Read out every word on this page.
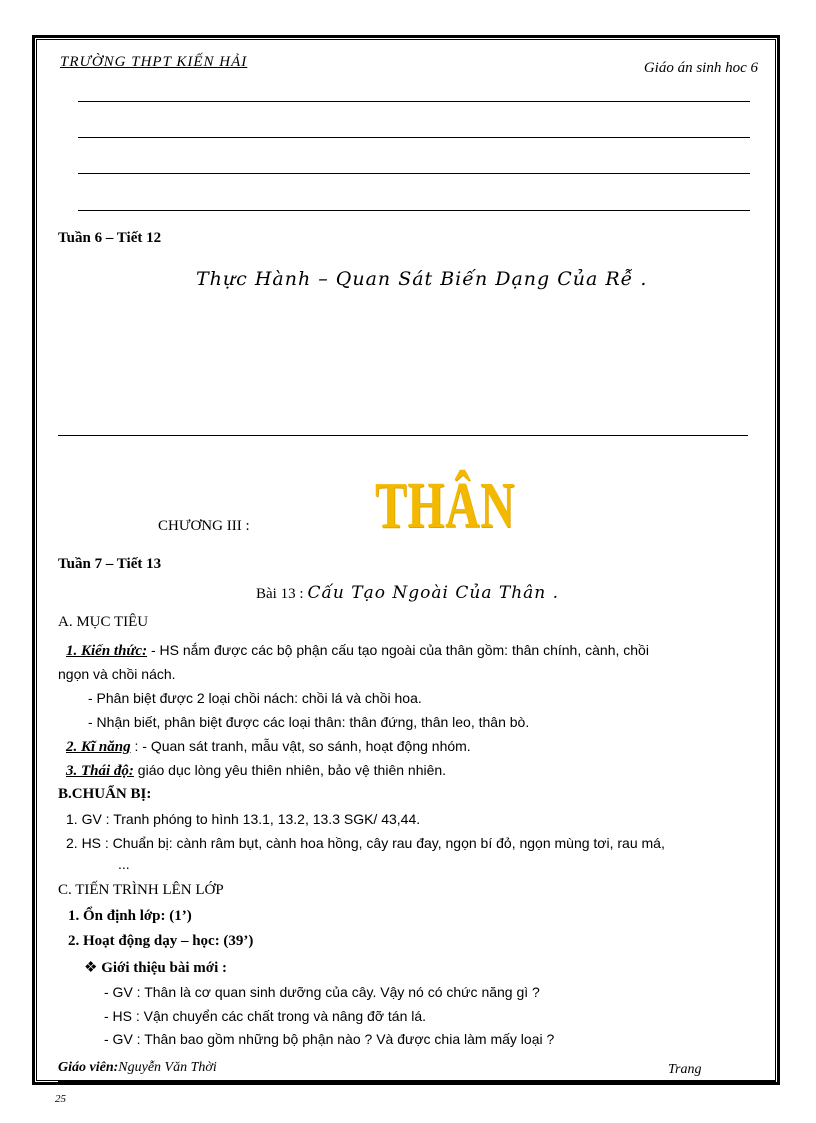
TRƯỜNG THPT KIẾN HẢI	Giáo án sinh hoc 6
Tuần 6 – Tiết 12
Thực Hành – Quan Sát Biến Dạng Của Rễ .
CHƯƠNG III : THÂN
Tuần 7 – Tiết 13
Bài 13 : Cấu Tạo Ngoài Của Thân .
A. MỤC TIÊU
1. Kiến thức: - HS nắm được các bộ phận cấu tạo ngoài của thân gồm: thân chính, cành, chồi
ngọn và chồi nách.
- Phân biệt được 2 loại chồi nách: chồi lá và chồi hoa.
- Nhận biết, phân biệt được các loại thân: thân đứng, thân leo, thân bò.
2. Kĩ năng : - Quan sát tranh, mẫu vật, so sánh, hoạt động nhóm.
3. Thái độ: giáo dục lòng yêu thiên nhiên, bảo vệ thiên nhiên.
B.CHUẨN BỊ:
1. GV : Tranh phóng to hình 13.1, 13.2, 13.3 SGK/ 43,44.
2. HS : Chuẩn bị: cành râm bụt, cành hoa hồng, cây rau đay, ngọn bí đỏ, ngọn mùng tơi, rau má,
...
C. TIẾN TRÌNH LÊN LỚP
1. Ổn định lớp: (1’)
2. Hoạt động dạy – học: (39’)
❖ Giới thiệu bài mới :
- GV : Thân là cơ quan sinh dưỡng của cây. Vậy nó có chức năng gì ?
- HS : Vận chuyển các chất trong và nâng đỡ tán lá.
- GV : Thân bao gồm những bộ phận nào ? Và được chia làm mấy loại ?
Giáo viên:Nguyễn Văn Thời	Trang
25
